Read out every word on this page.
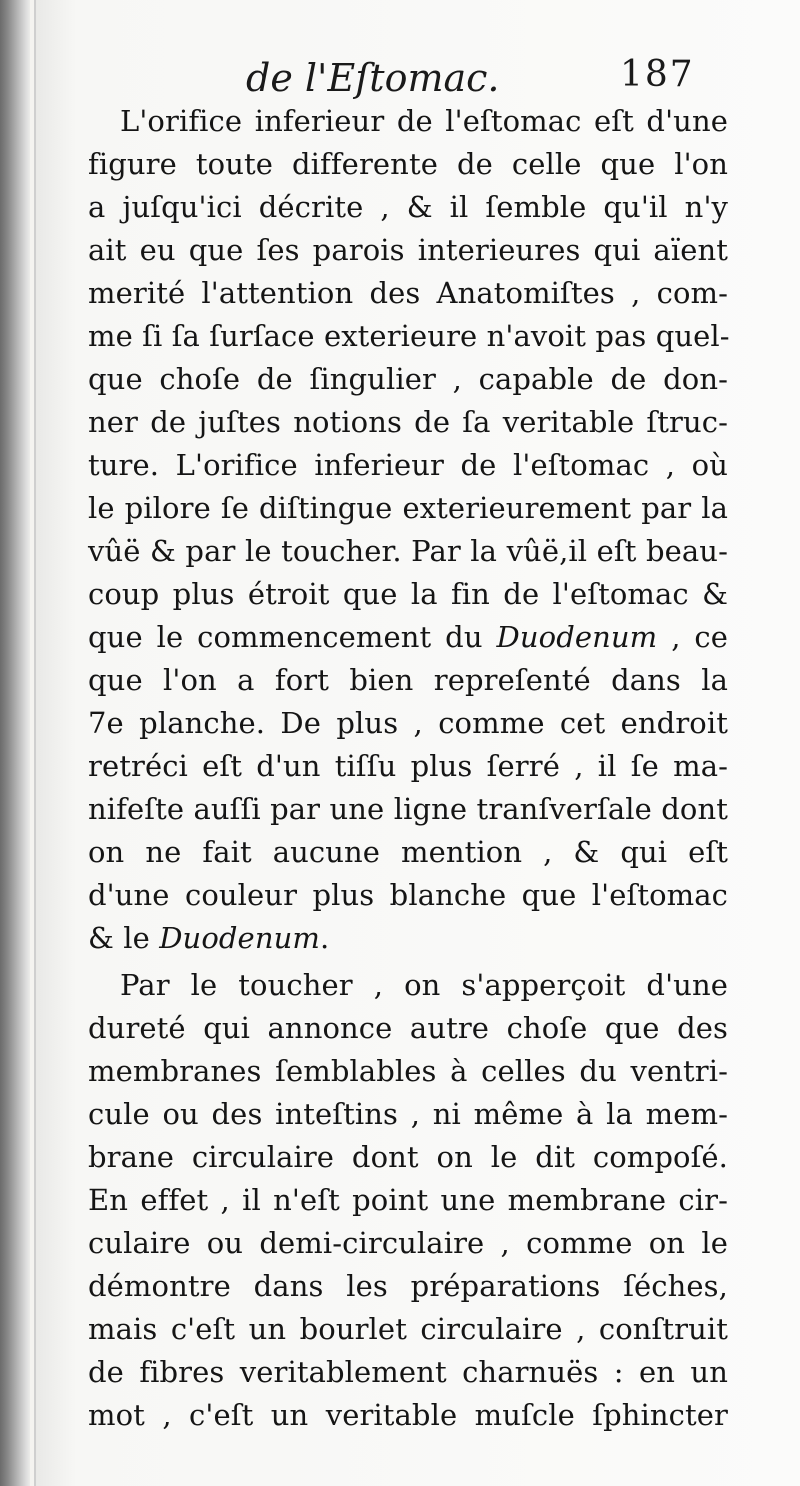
de l'Eſtomac.	187
L'orifice inferieur de l'eſtomac eſt d'une
figure toute differente de celle que l'on
a juſqu'ici décrite , & il ſemble qu'il n'y
ait eu que ſes parois interieures qui aïent
merité l'attention des Anatomiſtes , com-
me ſi ſa ſurſace exterieure n'avoit pas quel-
que choſe de ſingulier , capable de don-
ner de juſtes notions de ſa veritable ſtruc-
ture. L'orifice inferieur de l'eſtomac , où
le pilore ſe diſtingue exterieurement par la
vûë & par le toucher. Par la vûë,il eſt beau-
coup plus étroit que la fin de l'eſtomac &
que le commencement du Duodenum , ce
que l'on a fort bien repreſenté dans la
7e planche. De plus , comme cet endroit
retréci eſt d'un tiſſu plus ſerré , il ſe ma-
nifeſte auſſi par une ligne tranſverſale dont
on ne fait aucune mention , & qui eſt
d'une couleur plus blanche que l'eſtomac
& le Duodenum.
Par le toucher , on s'apperçoit d'une
dureté qui annonce autre choſe que des
membranes ſemblables à celles du ventri-
cule ou des inteſtins , ni même à la mem-
brane circulaire dont on le dit compoſé.
En effet , il n'eſt point une membrane cir-
culaire ou demi-circulaire , comme on le
démontre dans les préparations ſéches,
mais c'eſt un bourlet circulaire , conſtruit
de fibres veritablement charnuës : en un
mot , c'eſt un veritable muſcle ſphincter
